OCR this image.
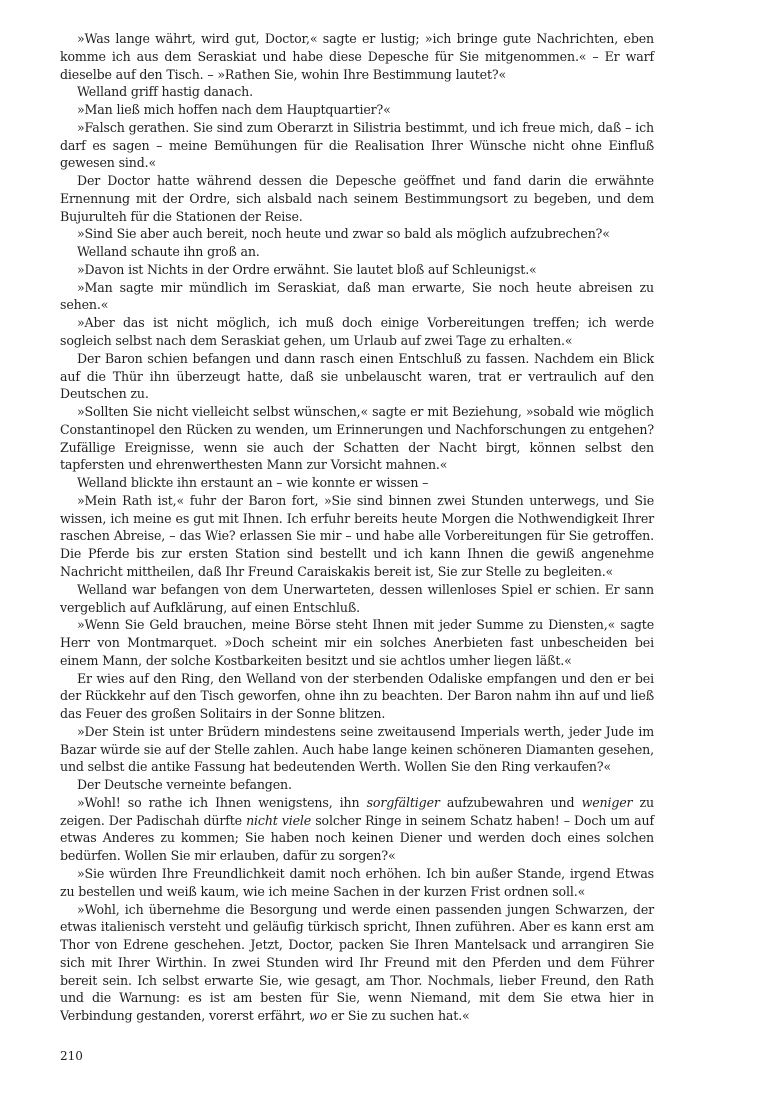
»Was lange währt, wird gut, Doctor,« sagte er lustig; »ich bringe gute Nachrichten, eben komme ich aus dem Seraskiat und habe diese Depesche für Sie mitgenommen.« – Er warf dieselbe auf den Tisch. – »Rathen Sie, wohin Ihre Bestimmung lautet?«

Welland griff hastig danach.

»Man ließ mich hoffen nach dem Hauptquartier?«

»Falsch gerathen. Sie sind zum Oberarzt in Silistria bestimmt, und ich freue mich, daß – ich darf es sagen – meine Bemühungen für die Realisation Ihrer Wünsche nicht ohne Einfluß gewesen sind.«

Der Doctor hatte während dessen die Depesche geöffnet und fand darin die erwähnte Ernennung mit der Ordre, sich alsbald nach seinem Bestimmungsort zu begeben, und dem Bujurulteh für die Stationen der Reise.

»Sind Sie aber auch bereit, noch heute und zwar so bald als möglich aufzubrechen?«

Welland schaute ihn groß an.

»Davon ist Nichts in der Ordre erwähnt. Sie lautet bloß auf Schleunigst.«

»Man sagte mir mündlich im Seraskiat, daß man erwarte, Sie noch heute abreisen zu sehen.«

»Aber das ist nicht möglich, ich muß doch einige Vorbereitungen treffen; ich werde sogleich selbst nach dem Seraskiat gehen, um Urlaub auf zwei Tage zu erhalten.«

Der Baron schien befangen und dann rasch einen Entschluß zu fassen. Nachdem ein Blick auf die Thür ihn überzeugt hatte, daß sie unbelauscht waren, trat er vertraulich auf den Deutschen zu.

»Sollten Sie nicht vielleicht selbst wünschen,« sagte er mit Beziehung, »sobald wie möglich Constantinopel den Rücken zu wenden, um Erinnerungen und Nachforschungen zu entgehen? Zufällige Ereignisse, wenn sie auch der Schatten der Nacht birgt, können selbst den tapfersten und ehrenwerthesten Mann zur Vorsicht mahnen.«

Welland blickte ihn erstaunt an – wie konnte er wissen –

»Mein Rath ist,« fuhr der Baron fort, »Sie sind binnen zwei Stunden unterwegs, und Sie wissen, ich meine es gut mit Ihnen. Ich erfuhr bereits heute Morgen die Nothwendigkeit Ihrer raschen Abreise, – das Wie? erlassen Sie mir – und habe alle Vorbereitungen für Sie getroffen. Die Pferde bis zur ersten Station sind bestellt und ich kann Ihnen die gewiß angenehme Nachricht mittheilen, daß Ihr Freund Caraiskakis bereit ist, Sie zur Stelle zu begleiten.«

Welland war befangen von dem Unerwarteten, dessen willenloses Spiel er schien. Er sann vergeblich auf Aufklärung, auf einen Entschluß.

»Wenn Sie Geld brauchen, meine Börse steht Ihnen mit jeder Summe zu Diensten,« sagte Herr von Montmarquet. »Doch scheint mir ein solches Anerbieten fast unbescheiden bei einem Mann, der solche Kostbarkeiten besitzt und sie achtlos umher liegen läßt.«

Er wies auf den Ring, den Welland von der sterbenden Odaliske empfangen und den er bei der Rückkehr auf den Tisch geworfen, ohne ihn zu beachten. Der Baron nahm ihn auf und ließ das Feuer des großen Solitairs in der Sonne blitzen.

»Der Stein ist unter Brüdern mindestens seine zweitausend Imperials werth, jeder Jude im Bazar würde sie auf der Stelle zahlen. Auch habe lange keinen schöneren Diamanten gesehen, und selbst die antike Fassung hat bedeutenden Werth. Wollen Sie den Ring verkaufen?«

Der Deutsche verneinte befangen.

»Wohl! so rathe ich Ihnen wenigstens, ihn sorgfältiger aufzubewahren und weniger zu zeigen. Der Padischah dürfte nicht viele solcher Ringe in seinem Schatz haben! – Doch um auf etwas Anderes zu kommen; Sie haben noch keinen Diener und werden doch eines solchen bedürfen. Wollen Sie mir erlauben, dafür zu sorgen?«

»Sie würden Ihre Freundlichkeit damit noch erhöhen. Ich bin außer Stande, irgend Etwas zu bestellen und weiß kaum, wie ich meine Sachen in der kurzen Frist ordnen soll.«

»Wohl, ich übernehme die Besorgung und werde einen passenden jungen Schwarzen, der etwas italienisch versteht und geläufig türkisch spricht, Ihnen zuführen. Aber es kann erst am Thor von Edrene geschehen. Jetzt, Doctor, packen Sie Ihren Mantelsack und arrangiren Sie sich mit Ihrer Wirthin. In zwei Stunden wird Ihr Freund mit den Pferden und dem Führer bereit sein. Ich selbst erwarte Sie, wie gesagt, am Thor. Nochmals, lieber Freund, den Rath und die Warnung: es ist am besten für Sie, wenn Niemand, mit dem Sie etwa hier in Verbindung gestanden, vorerst erfährt, wo er Sie zu suchen hat.«

210
